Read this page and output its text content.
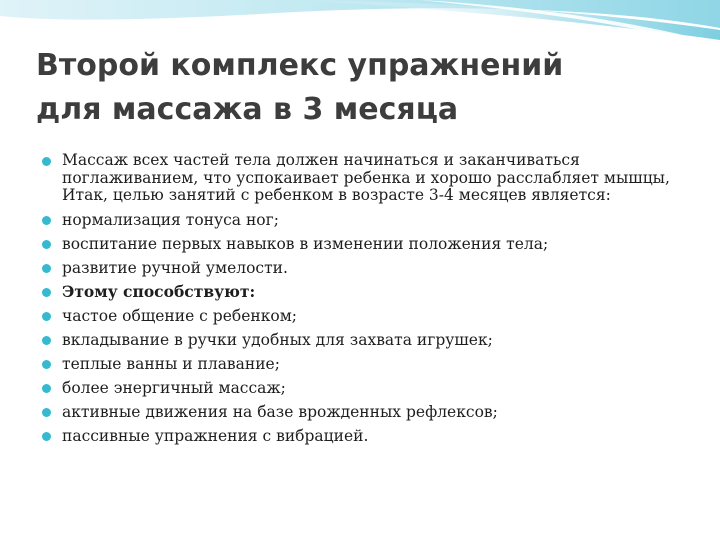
Второй комплекс упражнений
для массажа в 3 месяца
Массаж всех частей тела должен начинаться и заканчиваться поглаживанием, что успокаивает ребенка и хорошо расслабляет мышцы, Итак, целью занятий с ребенком в возрасте 3-4 месяцев является:
нормализация тонуса ног;
воспитание первых навыков в изменении положения тела;
развитие ручной умелости.
Этому способствуют:
частое общение с ребенком;
вкладывание в ручки удобных для захвата игрушек;
теплые ванны и плавание;
более энергичный массаж;
активные движения на базе врожденных рефлексов;
пассивные упражнения с вибрацией.
